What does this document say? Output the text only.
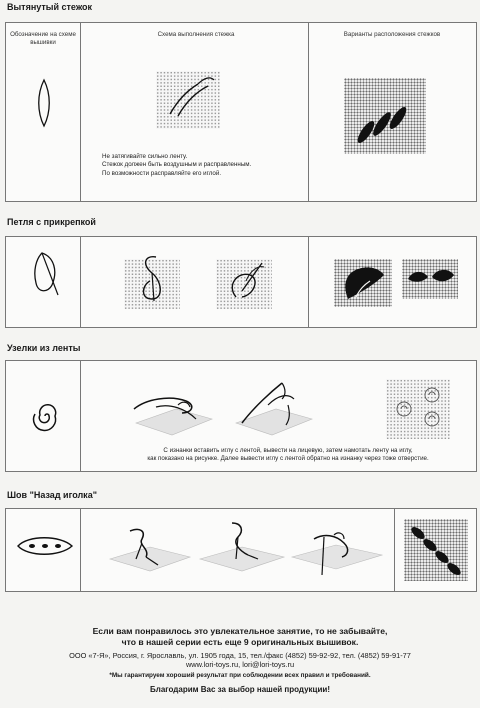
Вытянутый стежок
Обозначение на схеме вышивки
Схема выполнения стежка	Варианты расположения стежков
Не затягивайте сильно ленту.
Стежок должен быть воздушным и расправленным.
По возможности расправляйте его иглой.
Петля с прикрепкой
Узелки из ленты
С изнанки вставить иглу с лентой, вывести на лицевую, затем намотать ленту на иглу,
как показано на рисунке. Далее вывести иглу с лентой обратно на изнанку через тоже отверстие.
Шов "Назад иголка"
Если вам понравилось это увлекательное занятие, то не забывайте,
что в нашей серии есть еще 9 оригинальных вышивок.
ООО «7-Я», Россия, г. Ярославль, ул. 1905 года, 15, тел./факс (4852) 59-92-92, тел. (4852) 59-91-77
www.lori-toys.ru, lori@lori-toys.ru
*Мы гарантируем хороший результат при соблюдении всех правил и требований.
Благодарим Вас за выбор нашей продукции!
